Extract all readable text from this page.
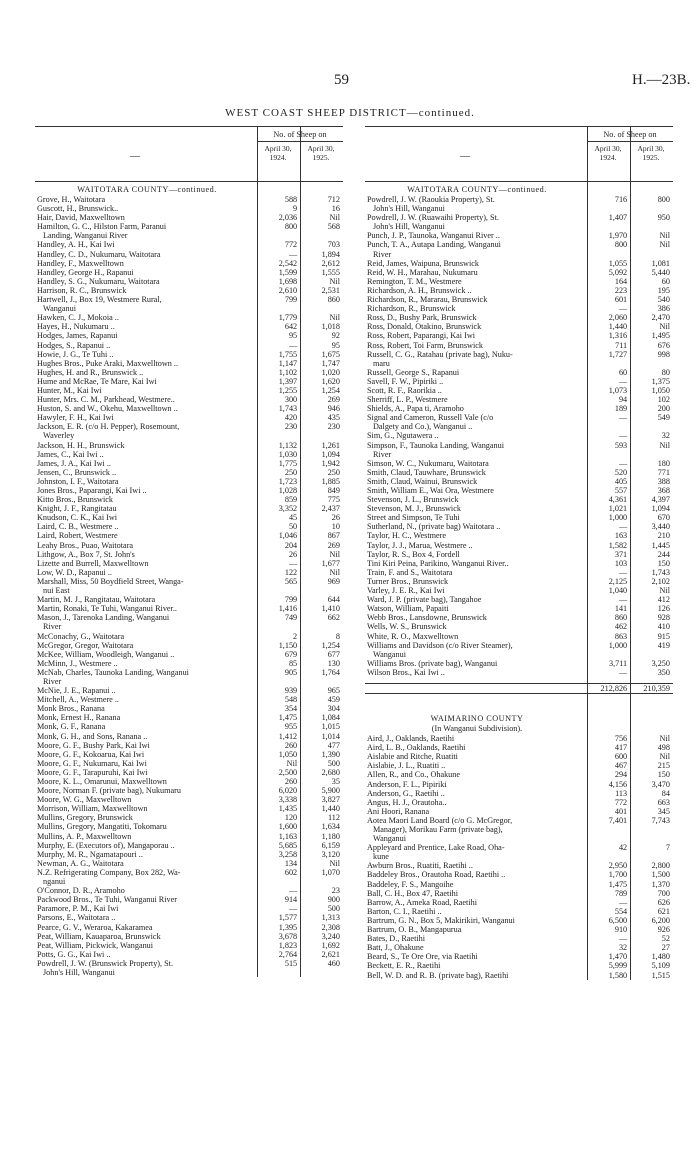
59	H.—23B.
WEST COAST SHEEP DISTRICT—continued.
—
No. of Sheep on
April 30, 1924.
April 30, 1925.
WAITOTARA COUNTY—continued.
Grove, H., Waitotara	588	712
Guscott, H., Brunswick..	9	16
Hair, David, Maxwelltown	2,036	Nil
Hamilton, G. C., Hilston Farm, Paranui	800	568
Landing, Wanganui River
Handley, A. H., Kai Iwi	772	703
Handley, C. D., Nukumaru, Waitotara	—	1,894
Handley, F., Maxwelltown	2,542	2,612
Handley, George H., Rapanui	1,599	1,555
Handley, S. G., Nukumaru, Waitotara	1,698	Nil
Harrison, R. C., Brunswick	2,610	2,531
Hartwell, J., Box 19, Westmere Rural,	799	860
Wanganui
Hawken, C. J., Mokoia ..	1,779	Nil
Hayes, H., Nukumaru ..	642	1,018
Hodges, James, Rapanui	95	92
Hodges, S., Rapanui ..	—	95
Howie, J. G., Te Tuhi ..	1,755	1,675
Hughes Bros., Puke Araki, Maxwelltown ..	1,147	1,747
Hughes, H. and R., Brunswick ..	1,102	1,020
Hume and McRae, Te Mare, Kai Iwi	1,397	1,620
Hunter, M., Kai Iwi	1,255	1,254
Hunter, Mrs. C. M., Parkhead, Westmere..	300	269
Huston, S. and W., Okehu, Maxwelltown ..	1,743	946
Hawyler, F. H., Kai Iwi	420	435
Jackson, E. R. (c/o H. Pepper), Rosemount,	230	230
Waverley
Jackson, H. H., Brunswick	1,132	1,261
James, C., Kai Iwi ..	1,030	1,094
James, J. A., Kai Iwi ..	1,775	1,942
Jensen, C., Brunswick ..	250	250
Johnston, I. F., Waitotara	1,723	1,885
Jones Bros., Paparangi, Kai Iwi ..	1,028	849
Kitto Bros., Brunswick	859	775
Knight, J. F., Rangitatau	3,352	2,437
Knudson, C. K., Kai Iwi	45	26
Laird, C. B., Westmere ..	50	10
Laird, Robert, Westmere	1,046	867
Leahy Bros., Puao, Waitotara	204	269
Lithgow, A., Box 7, St. John's	26	Nil
Lizette and Burrell, Maxwelltown	—	1,677
Low, W. D., Rapanui ..	122	Nil
Marshall, Miss, 50 Boydfield Street, Wanga-	565	969
nui East
Martin, M. J., Rangitatau, Waitotara	799	644
Martin, Ronaki, Te Tuhi, Wanganui River..	1,416	1,410
Mason, J., Tarenoka Landing, Wanganui	749	662
River
McConachy, G., Waitotara	2	8
McGregor, Gregor, Waitotara	1,150	1,254
McKee, William, Woodleigh, Wanganui ..	679	677
McMinn, J., Westmere ..	85	130
McNab, Charles, Taunoka Landing, Wanganui	905	1,764
River
McNie, J. E., Rapanui ..	939	965
Mitchell, A., Westmere ..	548	459
Monk Bros., Ranana	354	304
Monk, Ernest H., Ranana	1,475	1,084
Monk, G. F., Ranana	955	1,015
Monk, G. H., and Sons, Ranana ..	1,412	1,014
Moore, G. F., Bushy Park, Kai Iwi	260	477
Moore, G. F., Kokoarua, Kai Iwi	1,050	1,390
Moore, G. F., Nukumaru, Kai Iwi	Nil	500
Moore, G. F., Tarapuruhi, Kai Iwi	2,500	2,680
Moore, K. L., Omarunui, Maxwelltown	260	35
Moore, Norman F. (private bag), Nukumaru	6,020	5,900
Moore, W. G., Maxwelltown	3,338	3,827
Morrison, William, Maxwelltown	1,435	1,440
Mullins, Gregory, Brunswick	120	112
Mullins, Gregory, Mangatiti, Tokomaru	1,600	1,634
Mullins, A. P., Maxwelltown	1,163	1,180
Murphy, E. (Executors of), Mangaporau ..	5,685	6,159
Murphy, M. R., Ngamatapouri ..	3,258	3,120
Newman, A. G., Waitotara	134	Nil
N.Z. Refrigerating Company, Box 282, Wa-	602	1,070
nganui
O'Connor, D. R., Aramoho	—	23
Packwood Bros., Te Tuhi, Wanganui River	914	900
Paramore, P. M., Kai Iwi	—	500
Parsons, E., Waitotara ..	1,577	1,313
Pearce, G. V., Weraroa, Kakaramea	1,395	2,308
Peat, William, Kauaparoa, Brunswick	3,678	3,240
Peat, William, Pickwick, Wanganui	1,823	1,692
Potts, G. G., Kai Iwi ..	2,764	2,621
Powdrell, J. W. (Brunswick Property), St.	515	460
John's Hill, Wanganui
—
No. of Sheep on
April 30, 1924.
April 30, 1925.
WAITOTARA COUNTY—continued.
Powdrell, J. W. (Raoukia Property), St.	716	800
John's Hill, Wanganui
Powdrell, J. W. (Ruawaihi Property), St.	1,407	950
John's Hill, Wanganui
Punch, J. P., Taunoka, Wanganui River ..	1,970	Nil
Punch, T. A., Autapa Landing, Wanganui	800	Nil
River
Reid, James, Waipuna, Brunswick	1,055	1,081
Reid, W. H., Marahau, Nukumaru	5,092	5,440
Remington, T. M., Westmere	164	60
Richardson, A. H., Brunswick ..	223	195
Richardson, R., Mararau, Brunswick	601	540
Richardson, R., Brunswick	—	386
Ross, D., Bushy Park, Brunswick	2,060	2,470
Ross, Donald, Otakino, Brunswick	1,440	Nil
Ross, Robert, Paparangi, Kai Iwi	1,316	1,495
Ross, Robert, Toi Farm, Brunswick	711	676
Russell, C. G., Ratahau (private bag), Nuku-	1,727	998
maru
Russell, George S., Rapanui	60	80
Savell, F. W., Pipiriki ..	—	1,375
Scott, R. F., Raorikia ..	1,073	1,050
Sherriff, L. P., Westmere	94	102
Shields, A., Papa ti, Aramoho	189	200
Signal and Cameron, Russell Vale (c/o	—	549
Dalgety and Co.), Wanganui ..
Sim, G., Ngutawera ..	—	32
Simpson, F., Taunoka Landing, Wanganui	593	Nil
River
Simson, W. C., Nukumaru, Waitotara	—	180
Smith, Claud, Tauwhare, Brunswick	520	771
Smith, Claud, Wainui, Brunswick	405	388
Smith, William E., Wai Ora, Westmere	557	368
Stevenson, J. L., Brunswick	4,361	4,397
Stevenson, M. J., Brunswick	1,021	1,094
Street and Simpson, Te Tuhi	1,000	670
Sutherland, N., (private bag) Waitotara ..	—	3,440
Taylor, H. C., Westmere	163	210
Taylor, J. J., Marua, Westmere ..	1,582	1,445
Taylor, R. S., Box 4, Fordell	371	244
Tini Kiri Peina, Parikino, Wanganui River..	103	150
Train, F. and S., Waitotara	—	1,743
Turner Bros., Brunswick	2,125	2,102
Varley, J. E. R., Kai Iwi	1,040	Nil
Ward, J. P. (private bag), Tangahoe	—	412
Watson, William, Papaiti	141	126
Webb Bros., Lansdowne, Brunswick	860	928
Wells, W. S., Brunswick	462	410
White, R. O., Maxwelltown	863	915
Williams and Davidson (c/o River Steamer),	1,000	419
Wanganui
Williams Bros. (private bag), Wanganui	3,711	3,250
Wilson Bros., Kai Iwi ..	—	350
212,826	210,359
WAIMARINO COUNTY
(In Wanganui Subdivision).
Aird, J., Oaklands, Raetihi	756	Nil
Aird, L. B., Oaklands, Raetihi	417	498
Aislabie and Ritche, Ruatiti	600	Nil
Aislabie, J. L., Ruatiti ..	467	215
Allen, R., and Co., Ohakune	294	150
Anderson, F. L., Pipiriki	4,156	3,470
Anderson, G., Raetihi ..	113	84
Angus, H. J., Orautoha..	772	663
Ani Hoori, Ranana	401	345
Aotea Maori Land Board (c/o G. McGregor,	7,401	7,743
Manager), Morikau Farm (private bag),
Wanganui
Appleyard and Prentice, Lake Road, Oha-	42	7
kune
Awburn Bros., Ruatiti, Raetihi ..	2,950	2,800
Baddeley Bros., Orautoha Road, Raetihi ..	1,700	1,500
Baddeley, F. S., Mangoihe	1,475	1,370
Ball, C. H., Box 47, Raetihi	789	700
Barrow, A., Ameka Road, Raetihi	—	626
Barton, C. I., Raetihi ..	554	621
Bartrum, G. N., Box 5, Makirikiri, Wanganui	6,500	6,200
Bartrum, O. B., Mangapurua	910	926
Bates, D., Raetihi	—	52
Batt, J., Ohakune	32	27
Beard, S., Te Ore Ore, via Raetihi	1,470	1,480
Beckett, E. R., Raetihi	5,999	5,109
Bell, W. D. and R. B. (private bag), Raetihi	1,580	1,515
